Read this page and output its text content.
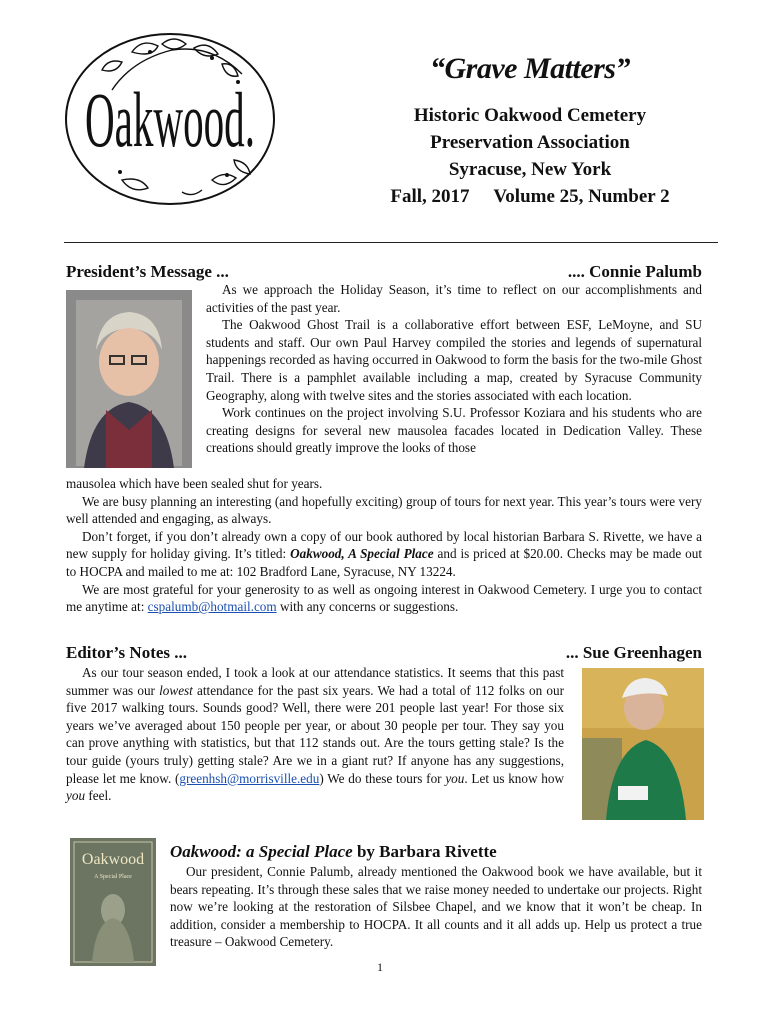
Oakwood.

“Grave Matters”

Historic Oakwood Cemetery

Preservation Association

Syracuse, New York

Fall, 2017 Volume 25, Number 2

President’s Message ...	.... Connie Palumb

As we approach the Holiday Season, it’s time to reflect on our accomplishments and activities of the past year.

The Oakwood Ghost Trail is a collaborative effort between ESF, LeMoyne, and SU students and staff. Our own Paul Harvey compiled the stories and legends of supernatural happenings recorded as having occurred in Oakwood to form the basis for the two-mile Ghost Trail. There is a pamphlet available including a map, created by Syracuse Community Geography, along with twelve sites and the stories associated with each location.

Work continues on the project involving S.U. Professor Koziara and his students who are creating designs for several new mausolea facades located in Dedication Valley. These creations should greatly improve the looks of those

mausolea which have been sealed shut for years.

We are busy planning an interesting (and hopefully exciting) group of tours for next year. This year’s tours were very well attended and engaging, as always.

Don’t forget, if you don’t already own a copy of our book authored by local historian Barbara S. Rivette, we have a new supply for holiday giving. It’s titled: Oakwood, A Special Place and is priced at $20.00. Checks may be made out to HOCPA and mailed to me at: 102 Bradford Lane, Syracuse, NY 13224.

We are most grateful for your generosity to as well as ongoing interest in Oakwood Cemetery. I urge you to contact me anytime at: cspalumb@hotmail.com with any concerns or suggestions.

Editor’s Notes ...	... Sue Greenhagen

As our tour season ended, I took a look at our attendance statistics. It seems that this past summer was our lowest attendance for the past six years. We had a total of 112 folks on our five 2017 walking tours. Sounds good? Well, there were 201 people last year! For those six years we’ve averaged about 150 people per year, or about 30 people per tour. They say you can prove anything with statistics, but that 112 stands out. Are the tours getting stale? Is the tour guide (yours truly) getting stale? Are we in a giant rut? If anyone has any suggestions, please let me know. (greenhsh@morrisville.edu) We do these tours for you. Let us know how you feel.

Oakwood
A Special Place

Oakwood: a Special Place by Barbara Rivette

Our president, Connie Palumb, already mentioned the Oakwood book we have available, but it bears repeating. It’s through these sales that we raise money needed to undertake our projects. Right now we’re looking at the restoration of Silsbee Chapel, and we know that it won’t be cheap. In addition, consider a membership to HOCPA. It all counts and it all adds up. Help us protect a true treasure – Oakwood Cemetery.

1
